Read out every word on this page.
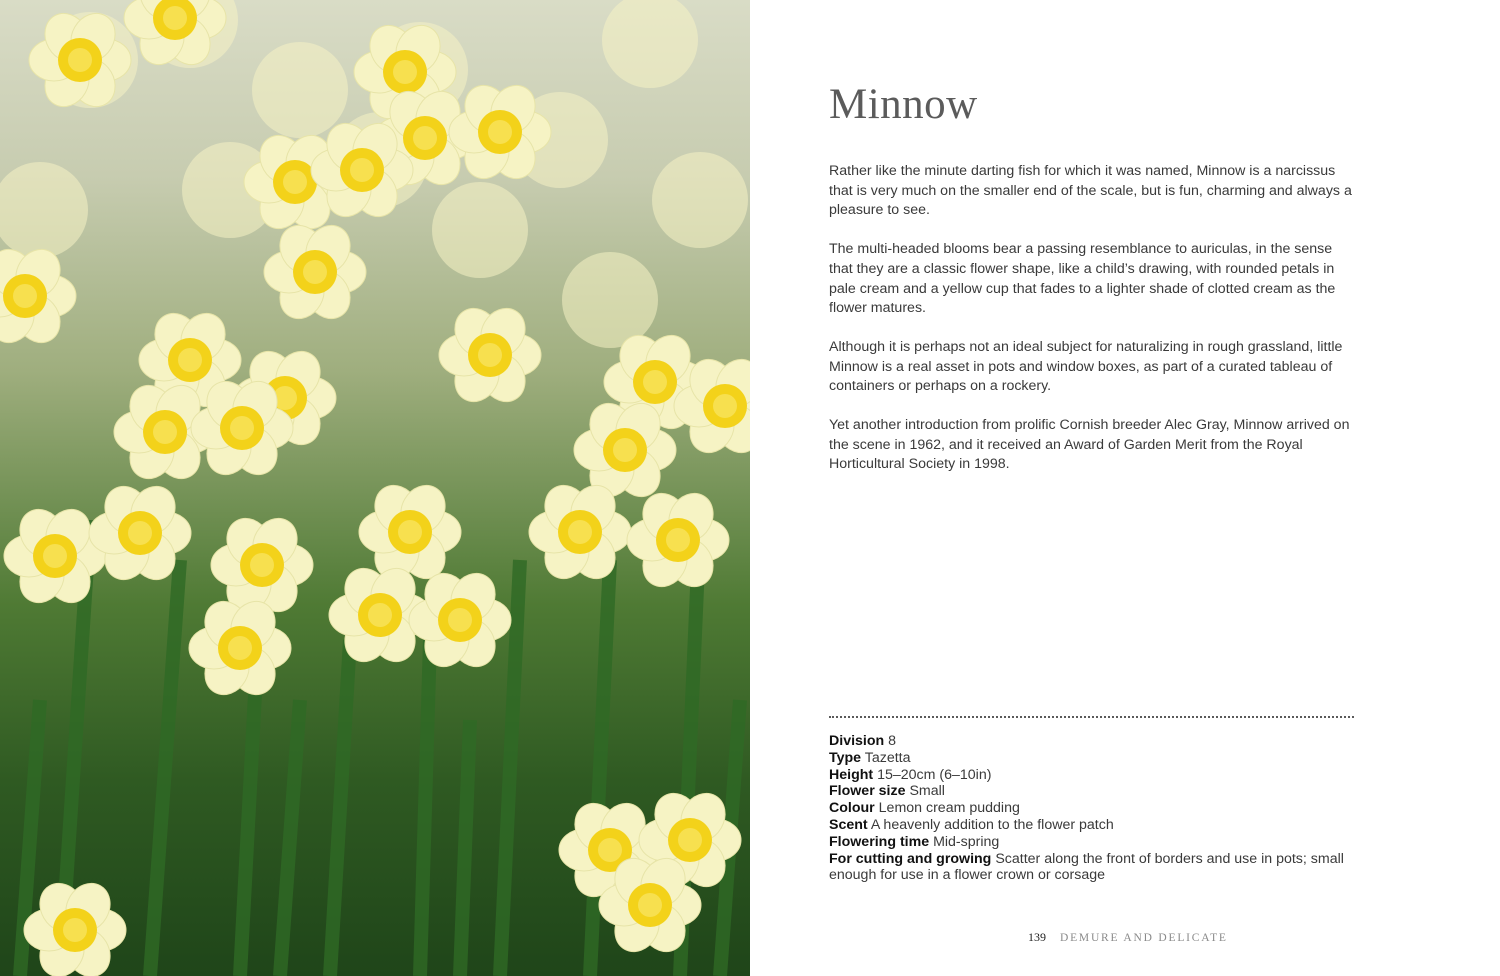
Minnow

Rather like the minute darting fish for which it was named, Minnow is a narcissus that is very much on the smaller end of the scale, but is fun, charming and always a pleasure to see.

The multi-headed blooms bear a passing resemblance to auriculas, in the sense that they are a classic flower shape, like a child’s drawing, with rounded petals in pale cream and a yellow cup that fades to a lighter shade of clotted cream as the flower matures.

Although it is perhaps not an ideal subject for naturalizing in rough grassland, little Minnow is a real asset in pots and window boxes, as part of a curated tableau of containers or perhaps on a rockery.

Yet another introduction from prolific Cornish breeder Alec Gray, Minnow arrived on the scene in 1962, and it received an Award of Garden Merit from the Royal Horticultural Society in 1998.

Division 8
Type Tazetta
Height 15–20cm (6–10in)
Flower size Small
Colour Lemon cream pudding
Scent A heavenly addition to the flower patch
Flowering time Mid-spring
For cutting and growing Scatter along the front of borders and use in pots; small enough for use in a flower crown or corsage
139 DEMURE AND DELICATE
